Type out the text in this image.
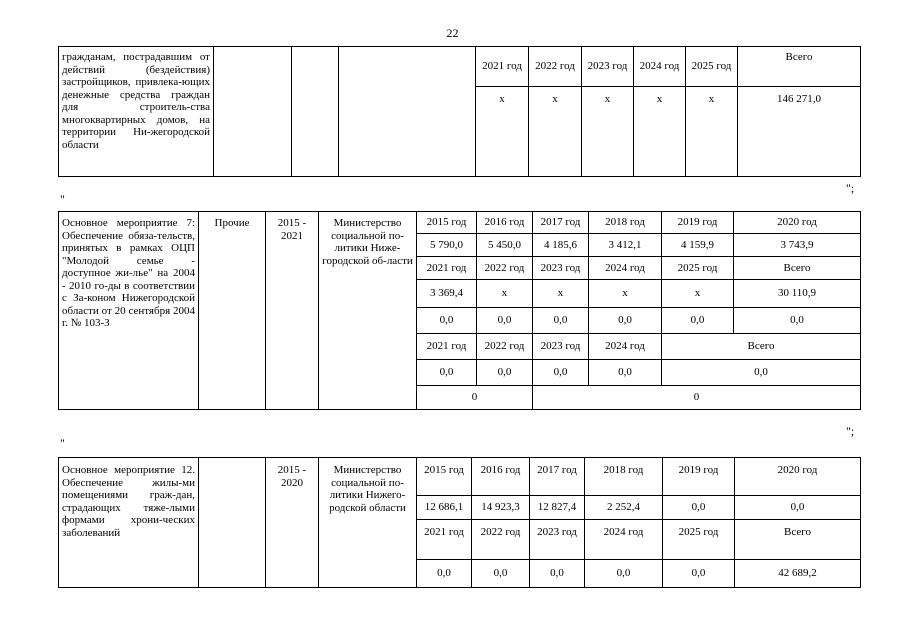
22
гражданам, пострадавшим от действий (бездействия) застройщиков, привлека-ющих денежные средства граждан для строитель-ства многоквартирных домов, на территории Ни-жегородской области				2021 год	2022 год	2023 год	2024 год	2025 год	Всего
				x	x	x	x	x	146 271,0
";
"
Основное мероприятие 7: Обеспечение обяза-тельств, принятых в рамках ОЦП "Молодой семье - доступное жи-лье" на 2004 - 2010 го-ды в соответствии с За-коном Нижегородской области от 20 сентября 2004 г. № 103-З	Прочие	2015 - 2021	Министерство социальной по-литики Ниже-городской об-ласти	2015 год	2016 год	2017 год	2018 год	2019 год	2020 год
				5 790,0	5 450,0	4 185,6	3 412,1	4 159,9	3 743,9
				2021 год	2022 год	2023 год	2024 год	2025 год	Всего
				3 369,4	x	x	x	x	30 110,9
				0,0	0,0	0,0	0,0	0,0	0,0
				2021 год	2022 год	2023 год	2024 год	Всего	
				0,0	0,0	0,0	0,0	0,0	
				0		0			
";
"
Основное мероприятие 12. Обеспечение жилы-ми помещениями граж-дан, страдающих тяже-лыми формами хрони-ческих заболеваний		2015 - 2020	Министерство социальной по-литики Нижего-родской области	2015 год	2016 год	2017 год	2018 год	2019 год	2020 год
				12 686,1	14 923,3	12 827,4	2 252,4	0,0	0,0
				2021 год	2022 год	2023 год	2024 год	2025 год	Всего
				0,0	0,0	0,0	0,0	0,0	42 689,2
